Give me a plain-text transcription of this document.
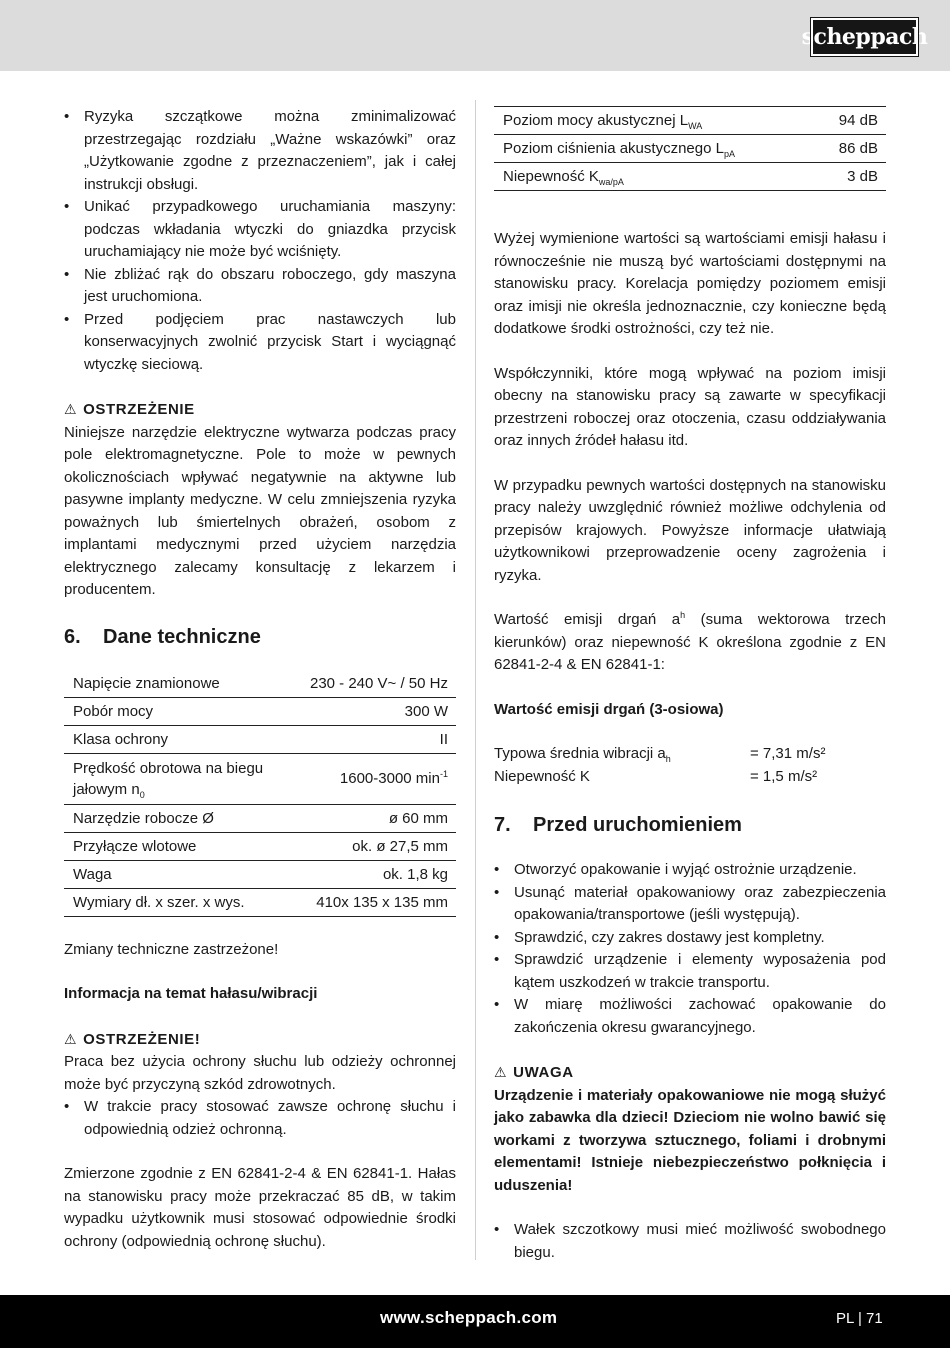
scheppach
• Ryzyka szczątkowe można zminimalizować przestrzegając rozdziału „Ważne wskazówki” oraz „Użytkowanie zgodne z przeznaczeniem”, jak i całej instrukcji obsługi.
• Unikać przypadkowego uruchamiania maszyny: podczas wkładania wtyczki do gniazdka przycisk uruchamiający nie może być wciśnięty.
• Nie zbliżać rąk do obszaru roboczego, gdy maszyna jest uruchomiona.
• Przed podjęciem prac nastawczych lub konserwacyjnych zwolnić przycisk Start i wyciągnąć wtyczkę sieciową.
⚠ OSTRZEŻENIE
Niniejsze narzędzie elektryczne wytwarza podczas pracy pole elektromagnetyczne. Pole to może w pewnych okolicznościach wpływać negatywnie na aktywne lub pasywne implanty medyczne. W celu zmniejszenia ryzyka poważnych lub śmiertelnych obrażeń, osobom z implantami medycznymi przed użyciem narzędzia elektrycznego zalecamy konsultację z lekarzem i producentem.
6. Dane techniczne
Napięcie znamionowe	230 - 240 V~ / 50 Hz
Pobór mocy	300 W
Klasa ochrony	II
Prędkość obrotowa na biegu jałowym $n_0$	1600-3000 $\min^{-1}$
Narzędzie robocze Ø	ø 60 mm
Przyłącze wlotowe	ok. ø 27,5 mm
Waga	ok. 1,8 kg
Wymiary dł. x szer. x wys.	410x 135 x 135 mm
Zmiany techniczne zastrzeżone!
Informacja na temat hałasu/wibracji
⚠ OSTRZEŻENIE!
Praca bez użycia ochrony słuchu lub odzieży ochronnej może być przyczyną szkód zdrowotnych.
• W trakcie pracy stosować zawsze ochronę słuchu i odpowiednią odzież ochronną.
Zmierzone zgodnie z EN 62841-2-4 & EN 62841-1. Hałas na stanowisku pracy może przekraczać 85 dB, w takim wypadku użytkownik musi stosować odpowiednie środki ochrony (odpowiednią ochronę słuchu).
Poziom mocy akustycznej $L_{WA}$	94 dB
Poziom ciśnienia akustycznego $L_{pA}$	86 dB
Niepewność $K_{wa/pA}$	3 dB
Wyżej wymienione wartości są wartościami emisji hałasu i równocześnie nie muszą być wartościami dostępnymi na stanowisku pracy. Korelacja pomiędzy poziomem emisji oraz imisji nie określa jednoznacznie, czy konieczne będą dodatkowe środki ostrożności, czy też nie.
Współczynniki, które mogą wpływać na poziom imisji obecny na stanowisku pracy są zawarte w specyfikacji przestrzeni roboczej oraz otoczenia, czasu oddziaływania oraz innych źródeł hałasu itd.
W przypadku pewnych wartości dostępnych na stanowisku pracy należy uwzględnić również możliwe odchylenia od przepisów krajowych. Powyższe informacje ułatwiają użytkownikowi przeprowadzenie oceny zagrożenia i ryzyka.
Wartość emisji drgań $a^h$ (suma wektorowa trzech kierunków) oraz niepewność K określona zgodnie z EN 62841-2-4 & EN 62841-1:
Wartość emisji drgań (3-osiowa)
Typowa średnia wibracji $a_h$	= 7,31 m/s²
Niepewność K	= 1,5 m/s²
7. Przed uruchomieniem
• Otworzyć opakowanie i wyjąć ostrożnie urządzenie.
• Usunąć materiał opakowaniowy oraz zabezpieczenia opakowania/transportowe (jeśli występują).
• Sprawdzić, czy zakres dostawy jest kompletny.
• Sprawdzić urządzenie i elementy wyposażenia pod kątem uszkodzeń w trakcie transportu.
• W miarę możliwości zachować opakowanie do zakończenia okresu gwarancyjnego.
⚠ UWAGA
Urządzenie i materiały opakowaniowe nie mogą służyć jako zabawka dla dzieci! Dzieciom nie wolno bawić się workami z tworzywa sztucznego, foliami i drobnymi elementami! Istnieje niebezpieczeństwo połknięcia i uduszenia!
• Wałek szczotkowy musi mieć możliwość swobodnego biegu.
www.scheppach.com	PL | 71
